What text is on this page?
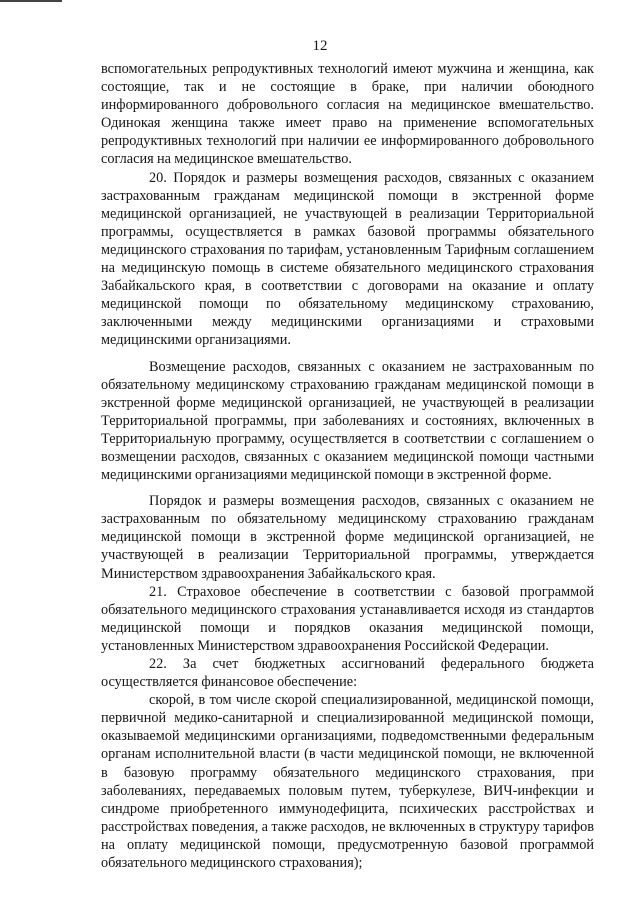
12

вспомогательных репродуктивных технологий имеют мужчина и женщина, как состоящие, так и не состоящие в браке, при наличии обоюдного информированного добровольного согласия на медицинское вмешательство. Одинокая женщина также имеет право на применение вспомогательных репродуктивных технологий при наличии ее информированного добровольного согласия на медицинское вмешательство.

20. Порядок и размеры возмещения расходов, связанных с оказанием застрахованным гражданам медицинской помощи в экстренной форме медицинской организацией, не участвующей в реализации Территориальной программы, осуществляется в рамках базовой программы обязательного медицинского страхования по тарифам, установленным Тарифным соглашением на медицинскую помощь в системе обязательного медицинского страхования Забайкальского края, в соответствии с договорами на оказание и оплату медицинской помощи по обязательному медицинскому страхованию, заключенными между медицинскими организациями и страховыми медицинскими организациями.

Возмещение расходов, связанных с оказанием не застрахованным по обязательному медицинскому страхованию гражданам медицинской помощи в экстренной форме медицинской организацией, не участвующей в реализации Территориальной программы, при заболеваниях и состояниях, включенных в Территориальную программу, осуществляется в соответствии с соглашением о возмещении расходов, связанных с оказанием медицинской помощи частными медицинскими организациями медицинской помощи в экстренной форме.

Порядок и размеры возмещения расходов, связанных с оказанием не застрахованным по обязательному медицинскому страхованию гражданам медицинской помощи в экстренной форме медицинской организацией, не участвующей в реализации Территориальной программы, утверждается Министерством здравоохранения Забайкальского края.

21. Страховое обеспечение в соответствии с базовой программой обязательного медицинского страхования устанавливается исходя из стандартов медицинской помощи и порядков оказания медицинской помощи, установленных Министерством здравоохранения Российской Федерации.

22. За счет бюджетных ассигнований федерального бюджета осуществляется финансовое обеспечение:

скорой, в том числе скорой специализированной, медицинской помощи, первичной медико-санитарной и специализированной медицинской помощи, оказываемой медицинскими организациями, подведомственными федеральным органам исполнительной власти (в части медицинской помощи, не включенной в базовую программу обязательного медицинского страхования, при заболеваниях, передаваемых половым путем, туберкулезе, ВИЧ-инфекции и синдроме приобретенного иммунодефицита, психических расстройствах и расстройствах поведения, а также расходов, не включенных в структуру тарифов на оплату медицинской помощи, предусмотренную базовой программой обязательного медицинского страхования);
